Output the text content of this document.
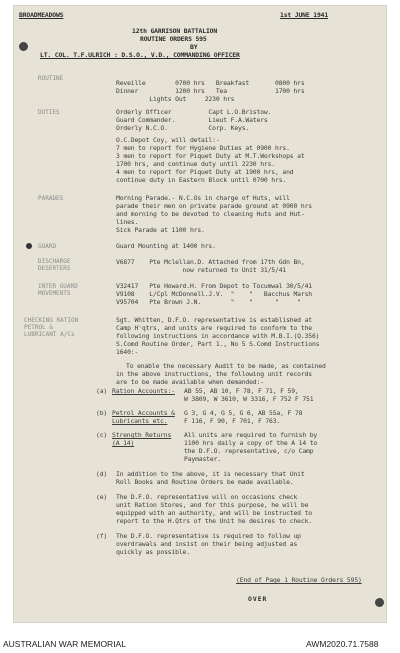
BROADMEADOWS	1st JUNE 1941
12th GARRISON BATTALION
ROUTINE ORDERS 595
BY
LT. COL. T.F.ULRICH : D.S.O., V.D., COMMANDING OFFICER
ROUTINE
Reveille        0700 hrs   Breakfast       0800 hrs
Dinner          1200 hrs   Tea             1700 hrs
Lights Out     2230 hrs
DUTIES	Orderly Officer          Capt L.O.Bristow.
Guard Commander.         Lieut F.A.Waters
Orderly N.C.O.           Corp. Keys.
O.C.Depot Coy, will detail:-
7 men to report for Hygiene Duties at 0900 hrs.
3 men to report for Piquet Duty at M.T.Workshops at
1700 hrs, and continue duty until 2230 hrs.
4 men to report for Piquet Duty at 1900 hrs, and
continue duty in Eastern Block until 0700 hrs.
PARADES	Morning Parade.- N.C.Os in charge of Huts, will
parade their men on private parade ground at 0900 hrs
and morning to be devoted to cleaning Huts and Hut-
lines.
Sick Parade at 1100 hrs.
GUARD	Guard Mounting at 1400 hrs.
DISCHARGE
DESERTERS
V6877    Pte Mclellan.D. Attached from 17th Gdn Bn,
now returned to Unit 31/5/41
INTER GUARD
MOVEMENTS
V32417   Pte Howard.H. From Depot to Tocumwal 30/5/41
V9108    L/Cpl McDonnell.J.V.  "    "   Bacchus Marsh
V95704   Pte Brown J.N.        "    "      "     "
CHECKING RATION
PETROL &
LUBRICANT A/Cs
Sgt. Whitten, D.F.O. representative is established at
Camp H'qtrs, and units are required to conform to the
following instructions in accordance with M.B.I.(Q.356)
S.Comd Routine Order, Part 1., No 5 S.Comd Instructions
1640:-
To enable the necessary Audit to be made, as contained
in the above instructions, the following unit records
are to be made available when demanded:-
(a) Ration Accounts:- AB 55, AB 10, F 78, F 71, F 59,
W 3809, W 3610, W 3316, F 752 F 751
(b) Petrol Accounts &
Lubricants etc.
G 3, G 4, G 5, G 6, AB 55a, F 78
F 116, F 90, F 701, F 763.
(c) Strength Returns
(A 14)
All units are required to furnish by
1100 hrs daily a copy of the A 14 to
the D.F.O. representative, c/o Camp
Paymaster.
(d) In addition to the above, it is necessary that Unit
Roll Books and Routine Orders be made available.
(e) The D.F.O. representative will on occasions check
unit Ration Stores, and for this purpose, he will be
equipped with an authority, and will be instructed to
report to the H.Qtrs of the Unit he desires to check.
(f) The D.F.O. representative is required to follow up
overdrawals and insist on their being adjusted as
quickly as possible.
(End of Page 1 Routine Orders 595)
OVER
AUSTRALIAN WAR MEMORIAL	AWM2020.71.7588
